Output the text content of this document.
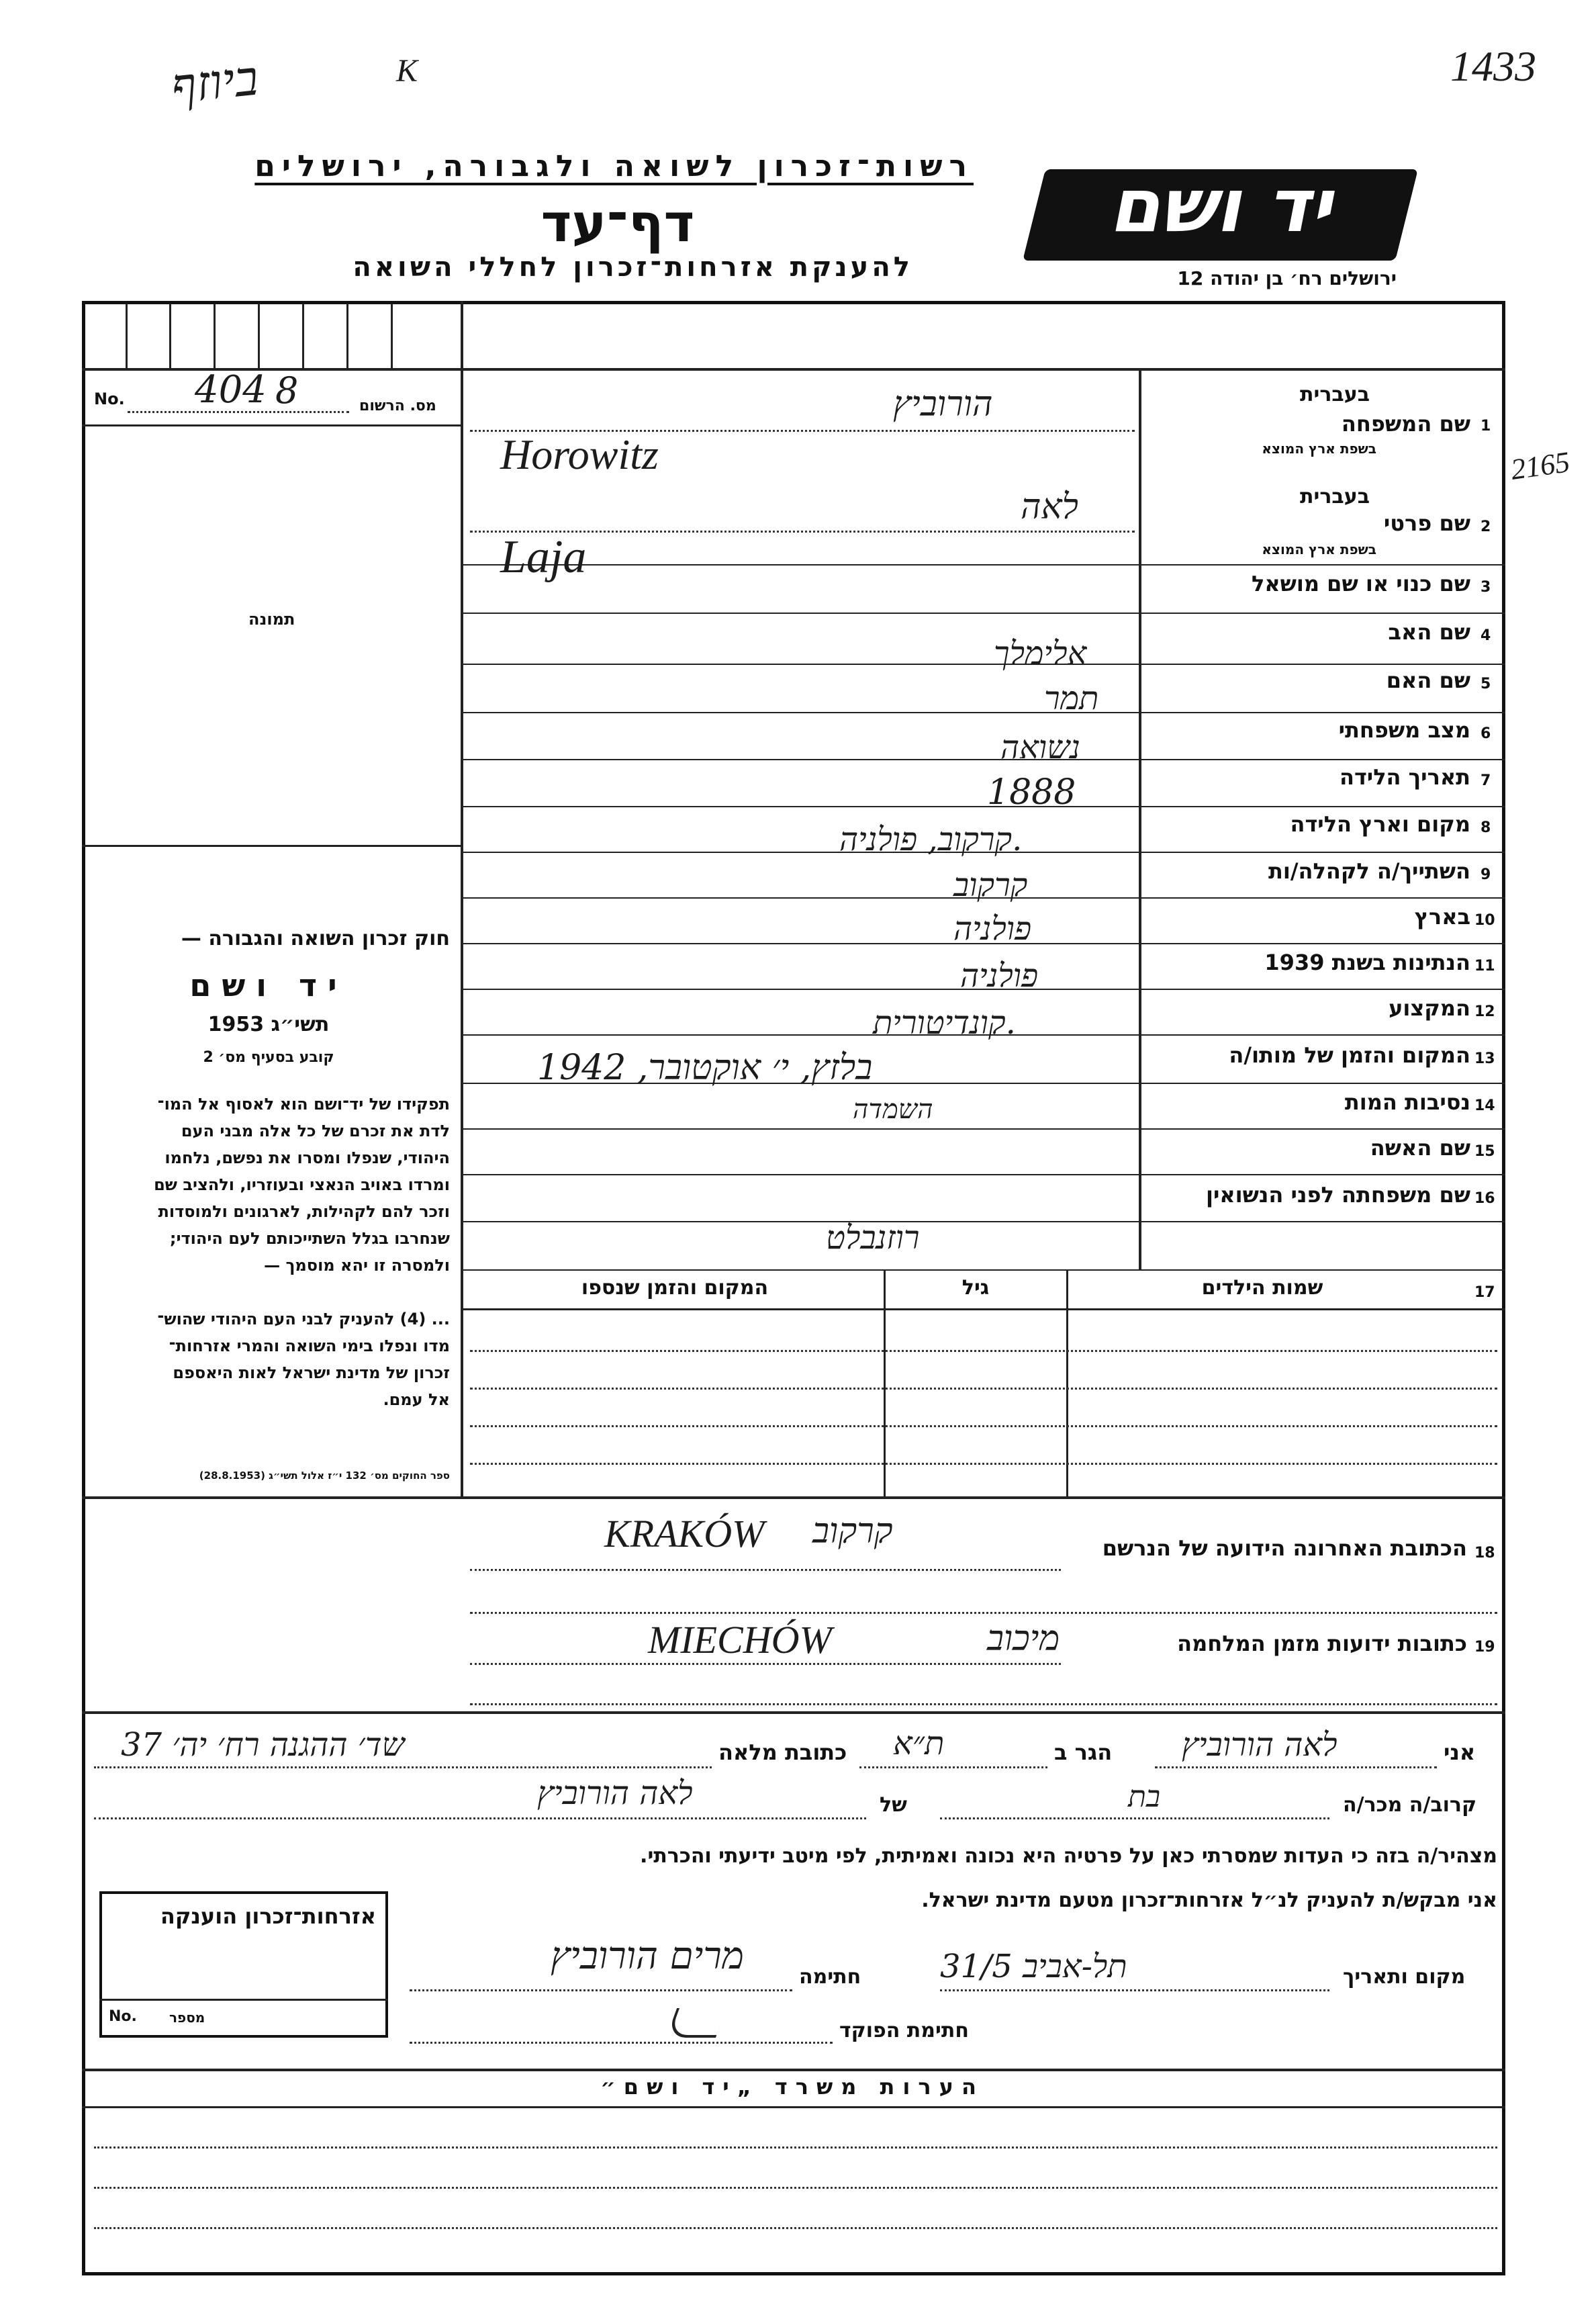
ביוזף	K	1433
2165
רשות־זכרון לשואה ולגבורה, ירושלים
דף־עד
להענקת אזרחות־זכרון לחללי השואה
יד ושם
ירושלים רח׳ בן יהודה 12
No. 404 8	מס. הרשום
תמונה
חוק זכרון השואה והגבורה —
יד ושם
תשי״ג 1953
קובע בסעיף מס׳ 2
תפקידו של יד־ושם הוא לאסוף אל המו־
לדת את זכרם של כל אלה מבני העם
היהודי, שנפלו ומסרו את נפשם, נלחמו
ומרדו באויב הנאצי ובעוזריו, ולהציב שם
וזכר להם לקהילות, לארגונים ולמוסדות
שנחרבו בגלל השתייכותם לעם היהודי;
ולמסרה זו יהא מוסמך —
... (4) להעניק לבני העם היהודי שהוש־
מדו ונפלו בימי השואה והמרי אזרחות־
זכרון של מדינת ישראל לאות היאספם
אל עמם.
ספר החוקים מס׳ 132 י״ז אלול תשי״ג (28.8.1953)
1
בעברית
שם המשפחה
בשפת ארץ המוצא
הורוביץ
Horowitz
2
בעברית
שם פרטי
בשפת ארץ המוצא
לאה
Laja
3
שם כנוי או שם מושאל
4
שם האב
אלימלך
5
שם האם
תמר
6
מצב משפחתי
נשואה
7
תאריך הלידה
1888
8
מקום וארץ הלידה
קרקוב, פולניה.
9
השתייך/ה לקהלה/ות
קרקוב
10
בארץ
פולניה
11
הנתינות בשנת 1939
פולניה
12
המקצוע
קונדיטורית.
13
המקום והזמן של מותו/ה
בלזץ, י׳ אוקטובר, 1942
14
נסיבות המות
השמדה
15
שם האשה
16
שם משפחתה לפני הנשואין
רוזנבלט
17
שמות הילדים
גיל
המקום והזמן שנספו
18
הכתובת האחרונה הידועה של הנרשם
קרקוב
KRAKÓW
19
כתובות ידועות מזמן המלחמה
מיכוב
MIECHÓW
אני
לאה הורוביץ
הגר ב
ת״א
כתובת מלאה
שד׳ ההגנה רח׳ יה׳ 37
קרוב/ה מכר/ה
בת
של
לאה הורוביץ
מצהיר/ה בזה כי העדות שמסרתי כאן על פרטיה היא נכונה ואמיתית, לפי מיטב ידיעתי והכרתי.
אני מבקש/ת להעניק לנ״ל אזרחות־זכרון מטעם מדינת ישראל.
מקום ותאריך
תל-אביב 31/5
חתימה
מרים הורוביץ
חתימת הפוקד
אזרחות־זכרון הוענקה
No. מספר
הערות משרד „יד ושם״
